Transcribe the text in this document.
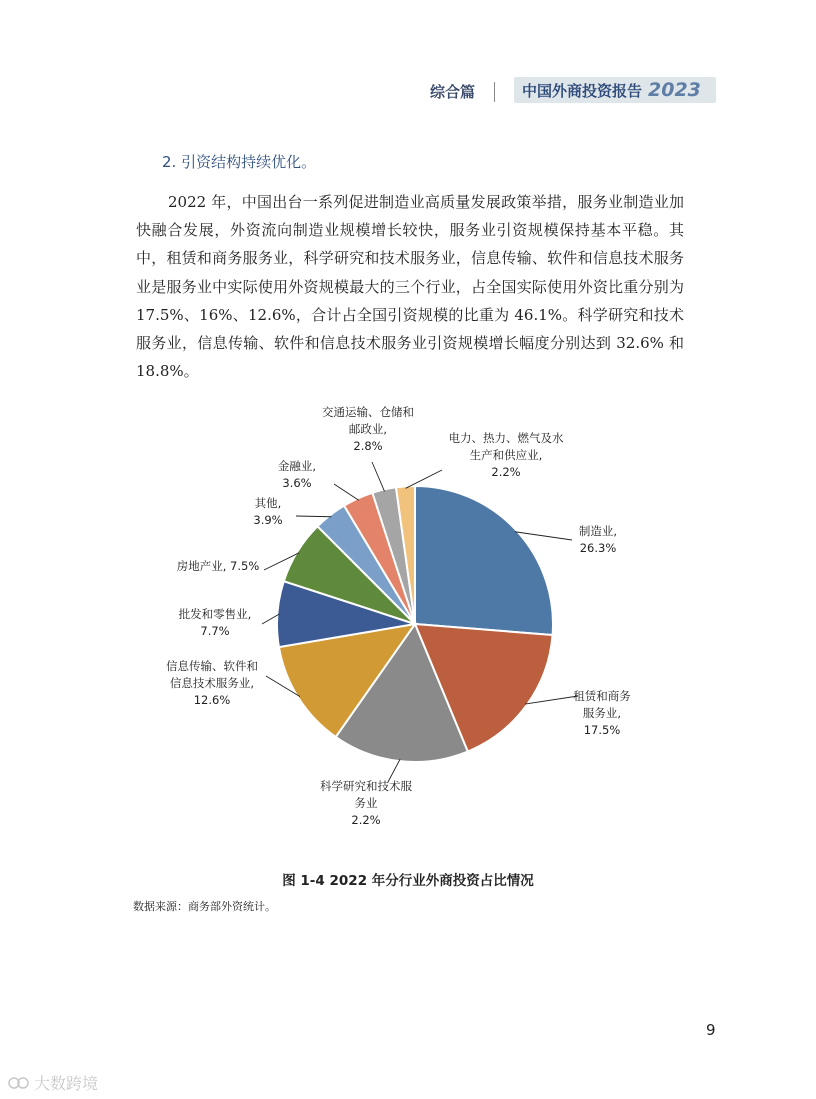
综合篇	中国外商投资报告 2023
2. 引资结构持续优化。
2022 年，中国出台一系列促进制造业高质量发展政策举措，服务业制造业加快融合发展，外资流向制造业规模增长较快，服务业引资规模保持基本平稳。其中，租赁和商务服务业，科学研究和技术服务业，信息传输、软件和信息技术服务业是服务业中实际使用外资规模最大的三个行业，占全国实际使用外资比重分别为 17.5%、16%、12.6%，合计占全国引资规模的比重为 46.1%。科学研究和技术服务业，信息传输、软件和信息技术服务业引资规模增长幅度分别达到 32.6% 和 18.8%。
制造业, 26.3%
租赁和商务服务业, 17.5%
科学研究和技术服务业 2.2%
信息传输、软件和信息技术服务业, 12.6%
批发和零售业, 7.7%
房地产业, 7.5%
其他, 3.9%
金融业, 3.6%
交通运输、仓储和邮政业, 2.8%
电力、热力、燃气及水生产和供应业, 2.2%
图 1-4 2022 年分行业外商投资占比情况
数据来源：商务部外资统计。
9
大数跨境
